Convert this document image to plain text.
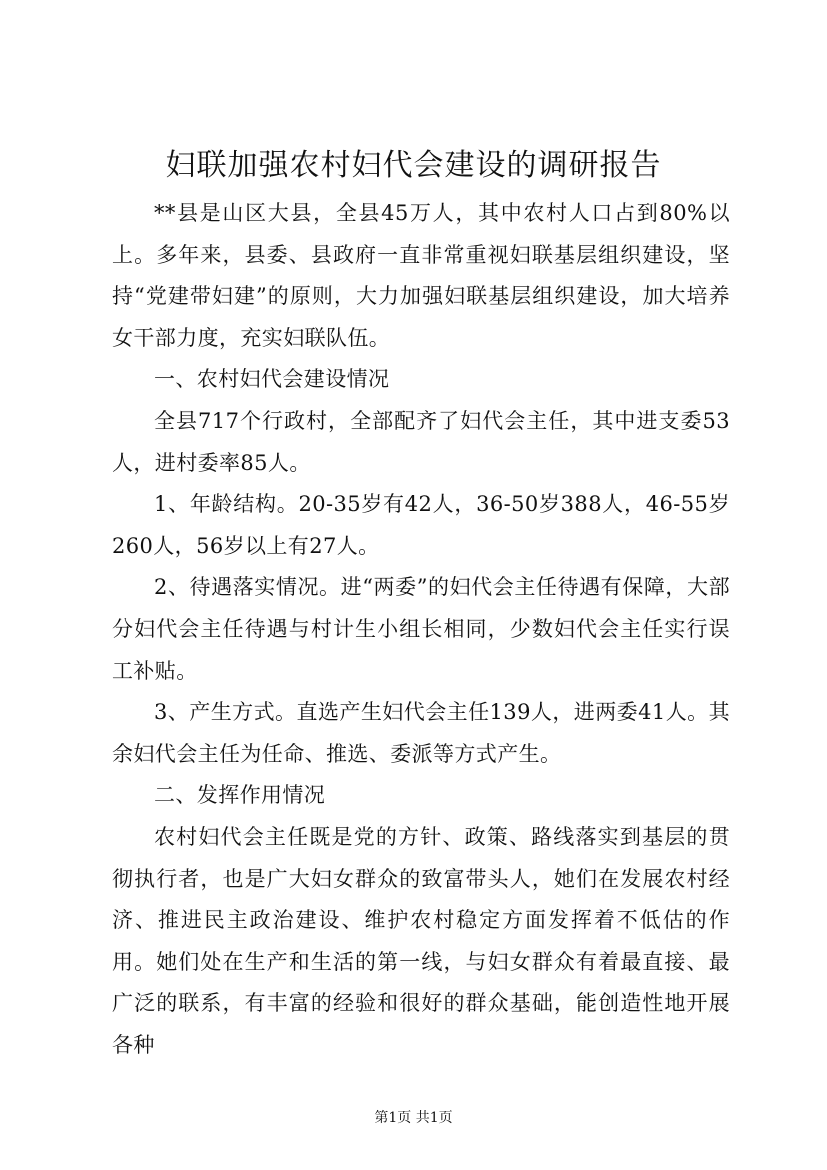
妇联加强农村妇代会建设的调研报告

**县是山区大县，全县45万人，其中农村人口占到80%以上。多年来，县委、县政府一直非常重视妇联基层组织建设，坚持“党建带妇建”的原则，大力加强妇联基层组织建设，加大培养女干部力度，充实妇联队伍。

一、农村妇代会建设情况

全县717个行政村，全部配齐了妇代会主任，其中进支委53人，进村委率85人。

1、年龄结构。20-35岁有42人，36-50岁388人，46-55岁260人，56岁以上有27人。

2、待遇落实情况。进“两委”的妇代会主任待遇有保障，大部分妇代会主任待遇与村计生小组长相同，少数妇代会主任实行误工补贴。

3、产生方式。直选产生妇代会主任139人，进两委41人。其余妇代会主任为任命、推选、委派等方式产生。

二、发挥作用情况

农村妇代会主任既是党的方针、政策、路线落实到基层的贯彻执行者，也是广大妇女群众的致富带头人，她们在发展农村经济、推进民主政治建设、维护农村稳定方面发挥着不低估的作用。她们处在生产和生活的第一线，与妇女群众有着最直接、最广泛的联系，有丰富的经验和很好的群众基础，能创造性地开展各种

第1页 共1页
